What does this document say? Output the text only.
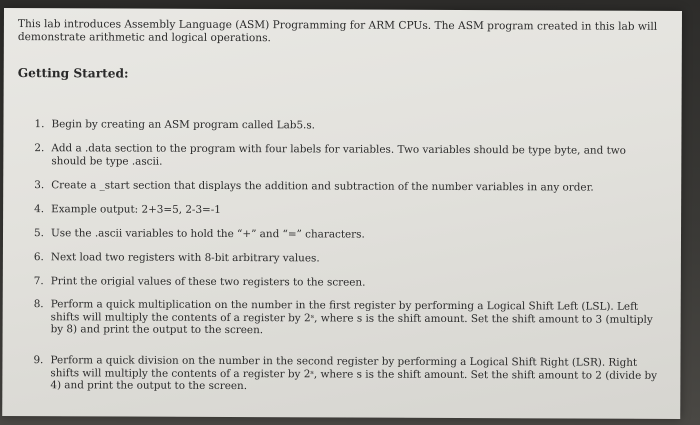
This lab introduces Assembly Language (ASM) Programming for ARM CPUs. The ASM program created in this lab will demonstrate arithmetic and logical operations.

Getting Started:

1. Begin by creating an ASM program called Lab5.s.
2. Add a .data section to the program with four labels for variables. Two variables should be type byte, and two should be type .ascii.
3. Create a _start section that displays the addition and subtraction of the number variables in any order.
4. Example output: 2+3=5, 2-3=-1
5. Use the .ascii variables to hold the “+” and “=” characters.
6. Next load two registers with 8-bit arbitrary values.
7. Print the origial values of these two registers to the screen.
8. Perform a quick multiplication on the number in the first register by performing a Logical Shift Left (LSL). Left shifts will multiply the contents of a register by 2ˢ, where s is the shift amount. Set the shift amount to 3 (multiply by 8) and print the output to the screen.
9. Perform a quick division on the number in the second register by performing a Logical Shift Right (LSR). Right shifts will multiply the contents of a register by 2ˢ, where s is the shift amount. Set the shift amount to 2 (divide by 4) and print the output to the screen.
